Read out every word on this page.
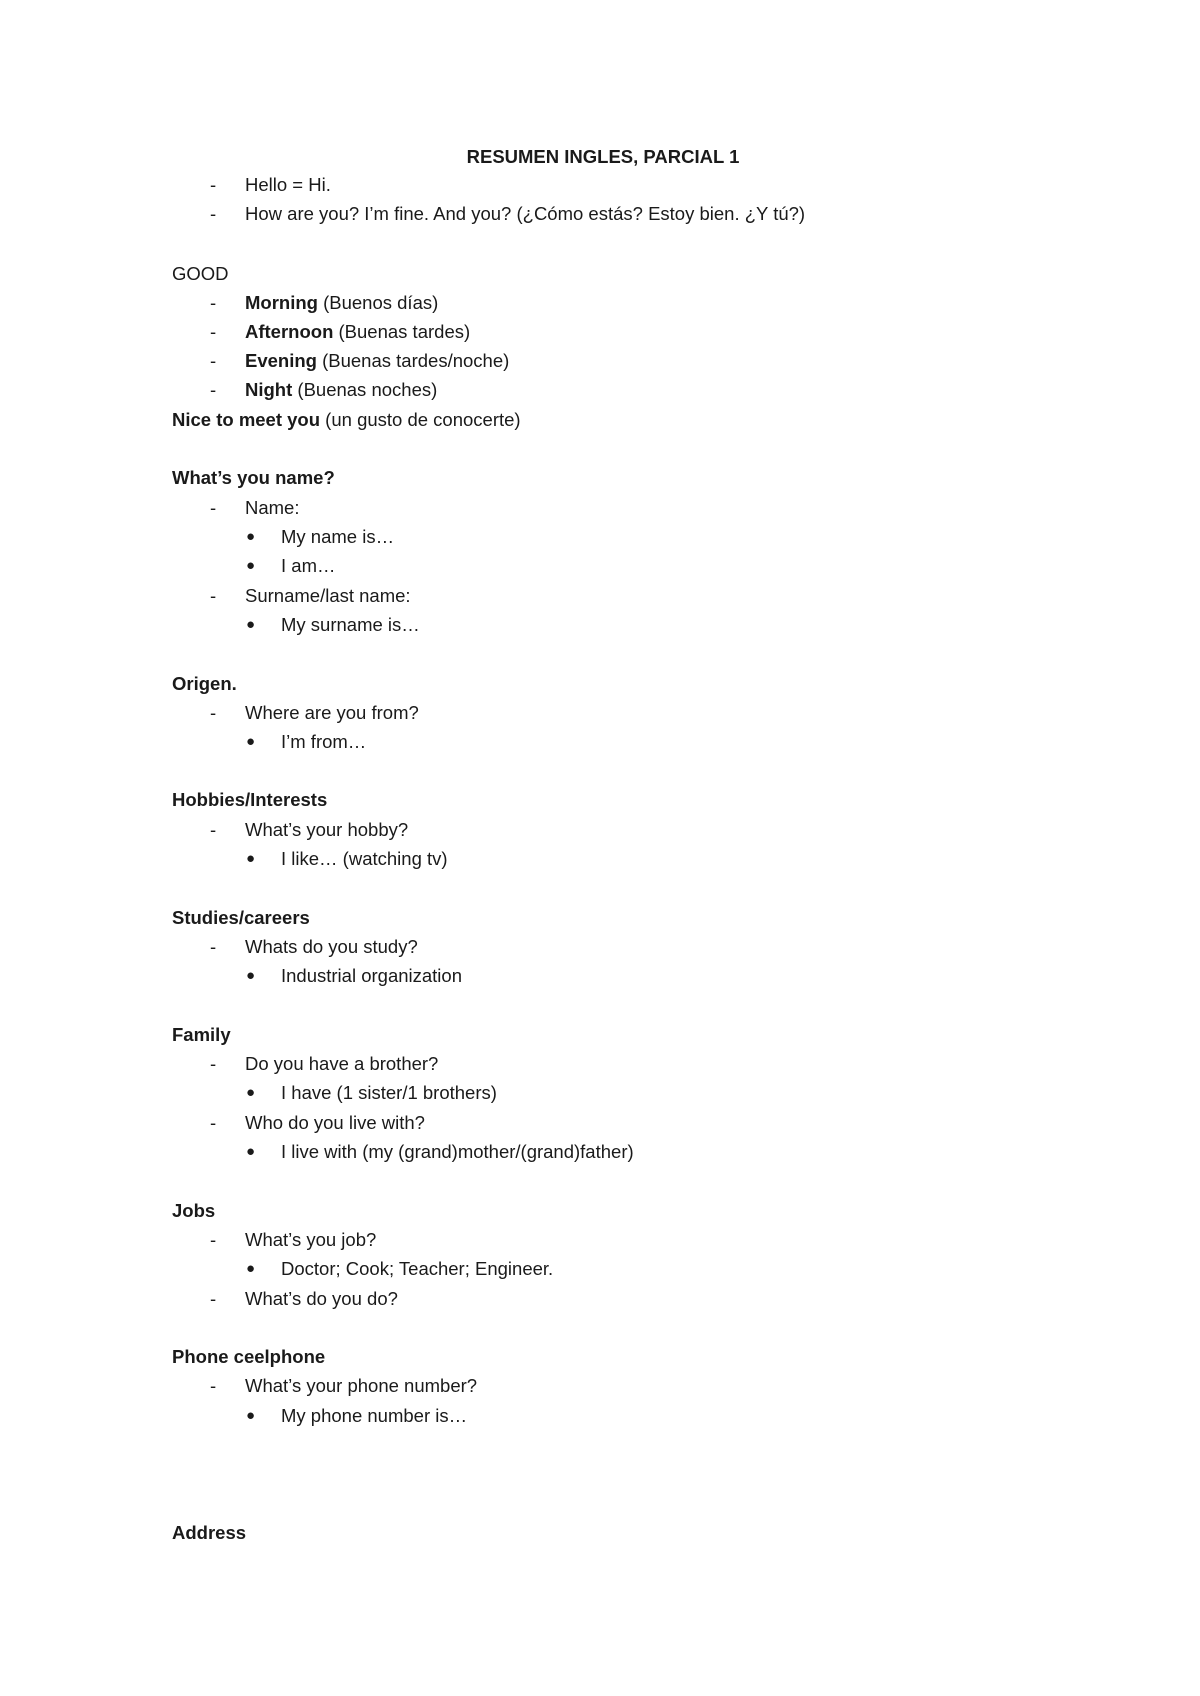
RESUMEN INGLES, PARCIAL 1
- Hello = Hi.
- How are you? I’m fine. And you? (¿Cómo estás? Estoy bien. ¿Y tú?)
GOOD
- Morning (Buenos días)
- Afternoon (Buenas tardes)
- Evening (Buenas tardes/noche)
- Night (Buenas noches)
Nice to meet you (un gusto de conocerte)
What’s you name?
- Name:
● My name is…
● I am…
- Surname/last name:
● My surname is…
Origen.
- Where are you from?
● I’m from…
Hobbies/Interests
- What’s your hobby?
● I like… (watching tv)
Studies/careers
- Whats do you study?
● Industrial organization
Family
- Do you have a brother?
● I have (1 sister/1 brothers)
- Who do you live with?
● I live with (my (grand)mother/(grand)father)
Jobs
- What’s you job?
● Doctor; Cook; Teacher; Engineer.
- What’s do you do?
Phone ceelphone
- What’s your phone number?
● My phone number is…
Address
